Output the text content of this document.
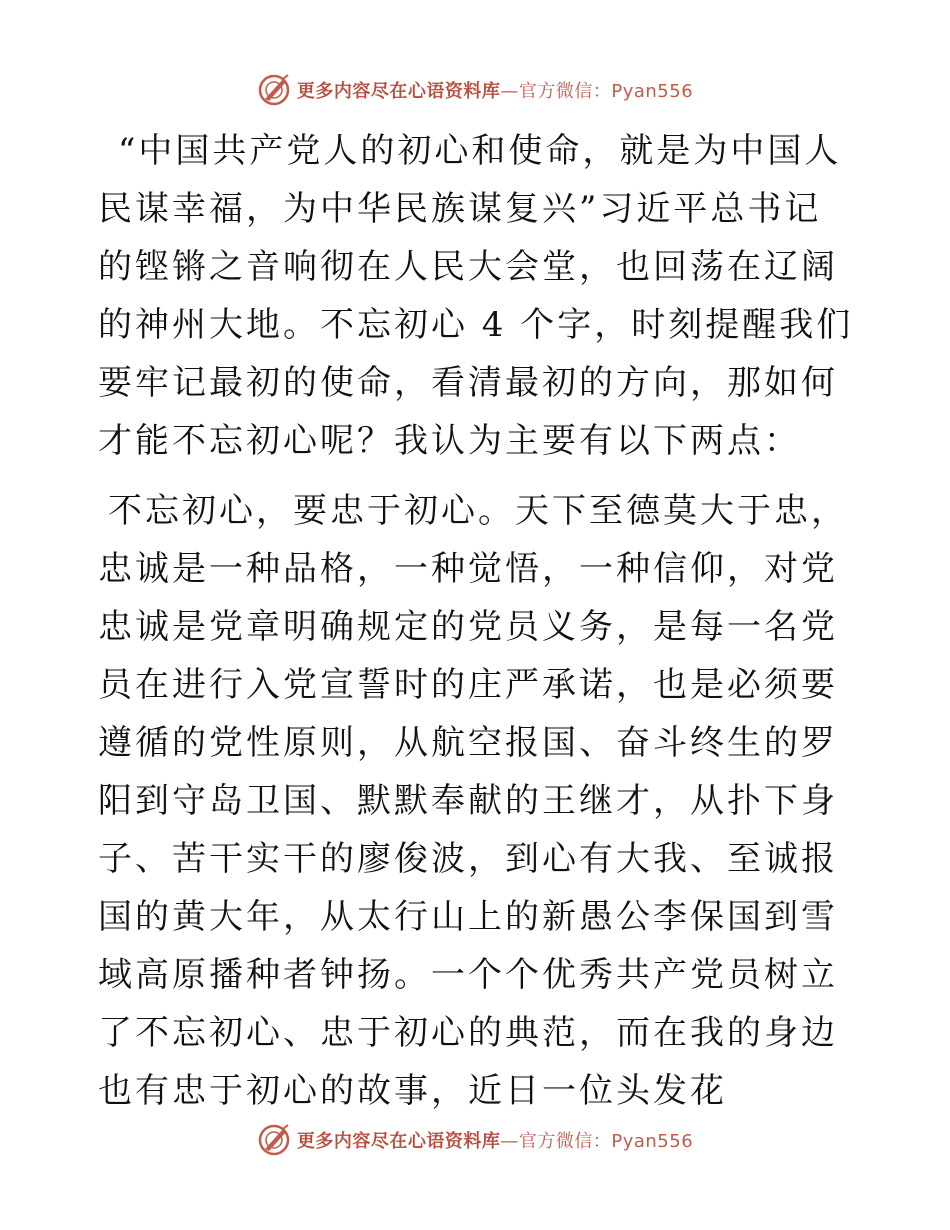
更多内容尽在心语资料库—官方微信：Pyan556

“中国共产党人的初心和使命，就是为中国人民谋幸福，为中华民族谋复兴”习近平总书记的铿锵之音响彻在人民大会堂，也回荡在辽阔的神州大地。不忘初心 4 个字，时刻提醒我们要牢记最初的使命，看清最初的方向，那如何才能不忘初心呢？我认为主要有以下两点：

不忘初心，要忠于初心。天下至德莫大于忠，忠诚是一种品格，一种觉悟，一种信仰，对党忠诚是党章明确规定的党员义务，是每一名党员在进行入党宣誓时的庄严承诺，也是必须要遵循的党性原则，从航空报国、奋斗终生的罗阳到守岛卫国、默默奉献的王继才，从扑下身子、苦干实干的廖俊波，到心有大我、至诚报国的黄大年，从太行山上的新愚公李保国到雪域高原播种者钟扬。一个个优秀共产党员树立了不忘初心、忠于初心的典范，而在我的身边也有忠于初心的故事，近日一位头发花

更多内容尽在心语资料库—官方微信：Pyan556
